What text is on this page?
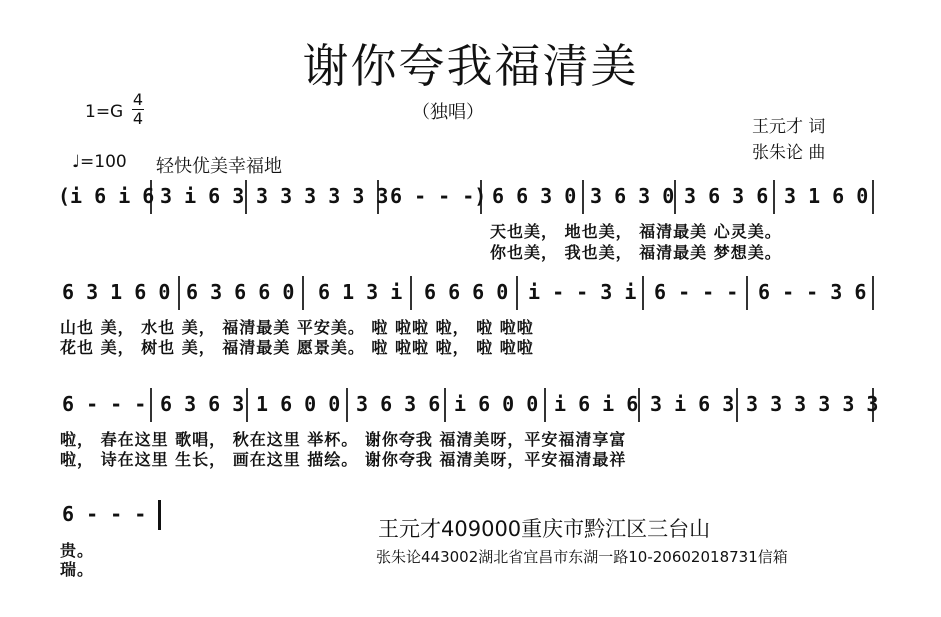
谢你夸我福清美
（独唱）
1=G
4
4	王元才 词
张朱论 曲
♩=100 轻快优美幸福地
(i 6 i 6 3 i 6 3 3 3 3 3 3 3 6 - - -) 6 6 3 0 3 6 3 0 3 6 3 6 3 1 6 0
天也美， 地也美， 福清最美 心灵美。
你也美， 我也美， 福清最美 梦想美。
6 3 1 6 0 6 3 6 6 0 6 1 3 i 6 6 6 0 i - - 3 i 6 - - - 6 - - 3 6
山也 美， 水也 美， 福清最美 平安美。 啦 啦啦 啦， 啦 啦啦
花也 美， 树也 美， 福清最美 愿景美。 啦 啦啦 啦， 啦 啦啦
6 - - - 6 3 6 3 1 6 0 0 3 6 3 6 i 6 0 0 i 6 i 6 3 i 6 3 3 3 3 3 3 3
啦， 春在这里 歌唱， 秋在这里 举杯。 谢你夸我 福清美呀，平安福清享富
啦， 诗在这里 生长， 画在这里 描绘。 谢你夸我 福清美呀，平安福清最祥
6 - - -
贵。
瑞。
王元才409000重庆市黔江区三台山
张朱论443002湖北省宜昌市东湖一路10-20602018731信箱
